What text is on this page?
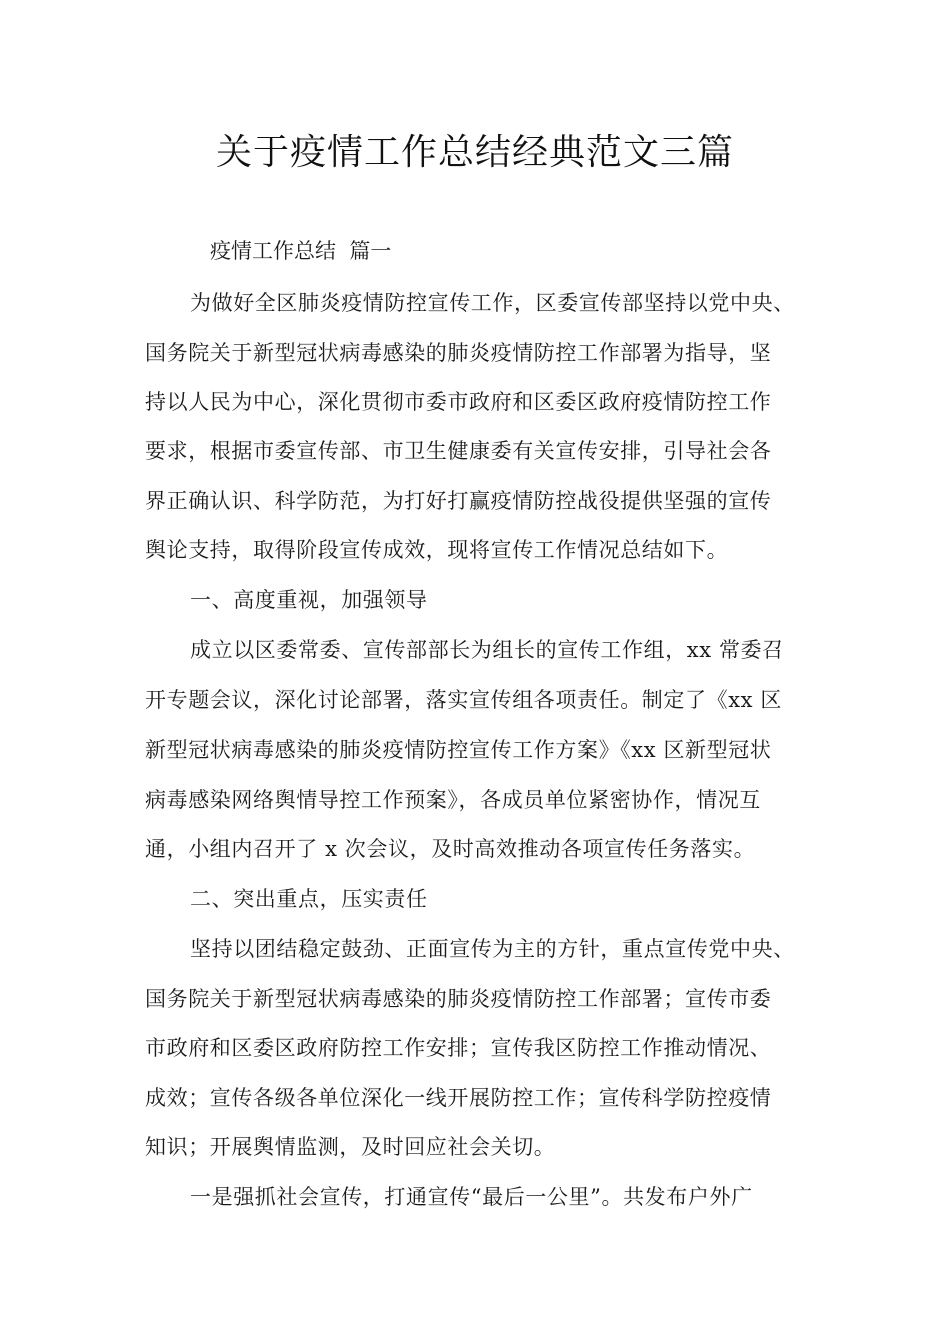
关于疫情工作总结经典范文三篇

疫情工作总结  篇一

为做好全区肺炎疫情防控宣传工作，区委宣传部坚持以党中央、

国务院关于新型冠状病毒感染的肺炎疫情防控工作部署为指导，坚

持以人民为中心，深化贯彻市委市政府和区委区政府疫情防控工作

要求，根据市委宣传部、市卫生健康委有关宣传安排，引导社会各

界正确认识、科学防范，为打好打赢疫情防控战役提供坚强的宣传

舆论支持，取得阶段宣传成效，现将宣传工作情况总结如下。

一、高度重视，加强领导

成立以区委常委、宣传部部长为组长的宣传工作组，xx 常委召

开专题会议，深化讨论部署，落实宣传组各项责任。制定了《xx 区

新型冠状病毒感染的肺炎疫情防控宣传工作方案》《xx 区新型冠状

病毒感染网络舆情导控工作预案》，各成员单位紧密协作，情况互

通，小组内召开了 x 次会议，及时高效推动各项宣传任务落实。

二、突出重点，压实责任

坚持以团结稳定鼓劲、正面宣传为主的方针，重点宣传党中央、

国务院关于新型冠状病毒感染的肺炎疫情防控工作部署；宣传市委

市政府和区委区政府防控工作安排；宣传我区防控工作推动情况、

成效；宣传各级各单位深化一线开展防控工作；宣传科学防控疫情

知识；开展舆情监测，及时回应社会关切。

一是强抓社会宣传，打通宣传“最后一公里”。共发布户外广
